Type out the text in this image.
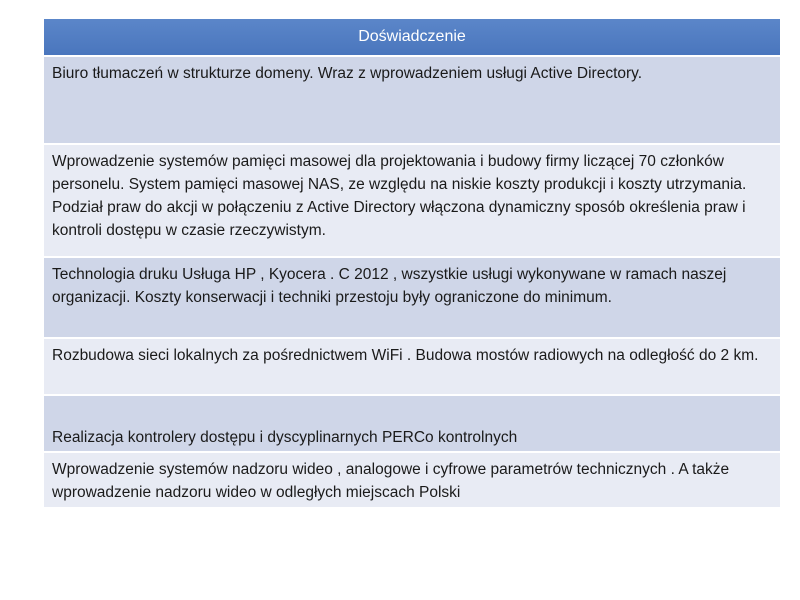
Doświadczenie
Biuro tłumaczeń w strukturze domeny. Wraz z wprowadzeniem usługi Active Directory.
Wprowadzenie systemów pamięci masowej dla projektowania i budowy firmy liczącej 70 członków personelu. System pamięci masowej NAS, ze względu na niskie koszty produkcji i koszty utrzymania. Podział praw do akcji w połączeniu z Active Directory włączona dynamiczny sposób określenia praw i kontroli dostępu w czasie rzeczywistym.
Technologia druku Usługa HP , Kyocera . C 2012 , wszystkie usługi wykonywane w ramach naszej organizacji. Koszty konserwacji i techniki przestoju były ograniczone do minimum.
Rozbudowa sieci lokalnych za pośrednictwem WiFi . Budowa mostów radiowych na odległość do 2 km.
Realizacja kontrolery dostępu i dyscyplinarnych PERCo kontrolnych
Wprowadzenie systemów nadzoru wideo , analogowe i cyfrowe parametrów technicznych . A także wprowadzenie nadzoru wideo w odległych miejscach Polski
